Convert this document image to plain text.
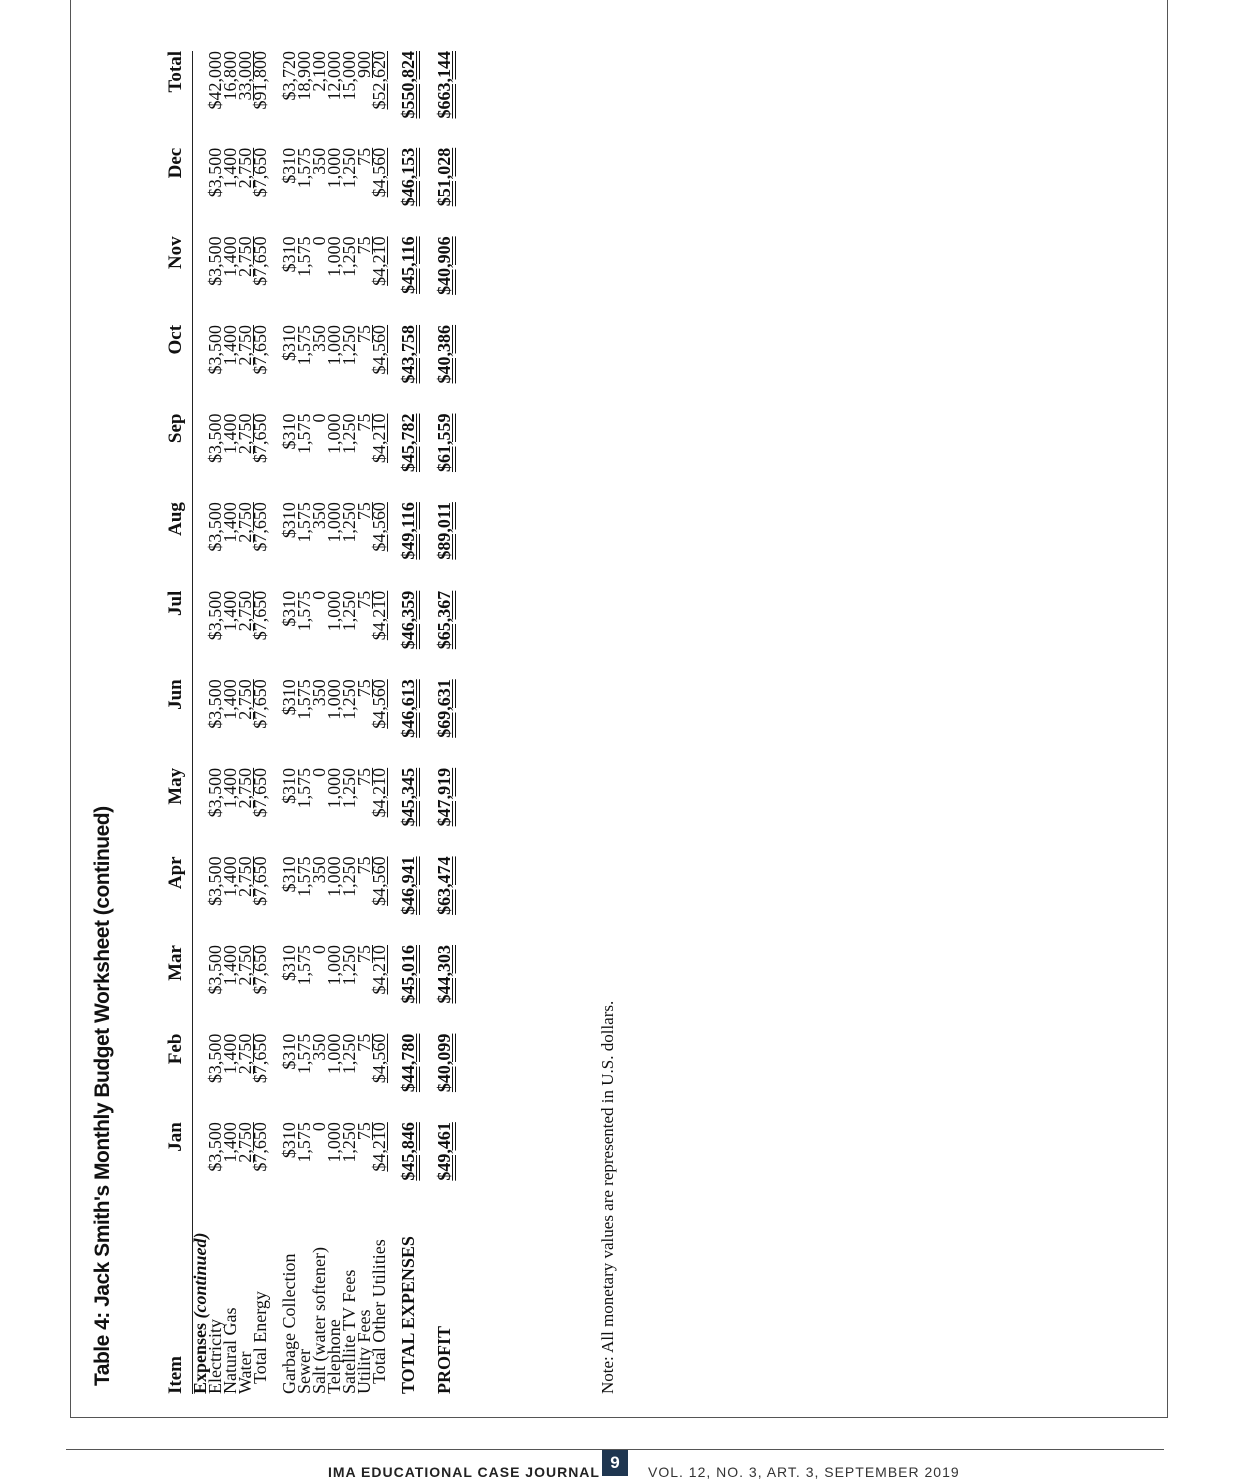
Table 4: Jack Smith's Monthly Budget Worksheet (continued)	Item	Jan	Feb	Mar	Apr	May	Jun	Jul	Aug	Sep	Oct	Nov	Dec	Total
Expenses (continued)													
Electricity	$3,500	$3,500	$3,500	$3,500	$3,500	$3,500	$3,500	$3,500	$3,500	$3,500	$3,500	$3,500	$42,000
Natural Gas	1,400	1,400	1,400	1,400	1,400	1,400	1,400	1,400	1,400	1,400	1,400	1,400	16,800
Water	2,750	2,750	2,750	2,750	2,750	2,750	2,750	2,750	2,750	2,750	2,750	2,750	33,000
Total Energy	$7,650	$7,650	$7,650	$7,650	$7,650	$7,650	$7,650	$7,650	$7,650	$7,650	$7,650	$7,650	$91,800

Garbage Collection	$310	$310	$310	$310	$310	$310	$310	$310	$310	$310	$310	$310	$3,720
Sewer	1,575	1,575	1,575	1,575	1,575	1,575	1,575	1,575	1,575	1,575	1,575	1,575	18,900
Salt (water softener)	0	350	0	350	0	350	0	350	0	350	0	350	2,100
Telephone	1,000	1,000	1,000	1,000	1,000	1,000	1,000	1,000	1,000	1,000	1,000	1,000	12,000
Satellite TV Fees	1,250	1,250	1,250	1,250	1,250	1,250	1,250	1,250	1,250	1,250	1,250	1,250	15,000
Utility Fees	75	75	75	75	75	75	75	75	75	75	75	75	900
Total Other Utilities	$4,210	$4,560	$4,210	$4,560	$4,210	$4,560	$4,210	$4,560	$4,210	$4,560	$4,210	$4,560	$52,620

TOTAL EXPENSES	$45,846	$44,780	$45,016	$46,941	$45,345	$46,613	$46,359	$49,116	$45,782	$43,758	$45,116	$46,153	$550,824

PROFIT	$49,461	$40,099	$44,303	$63,474	$47,919	$69,631	$65,367	$89,011	$61,559	$40,386	$40,906	$51,028	$663,144

Note: All monetary values are represented in U.S. dollars.

IMA EDUCATIONAL CASE JOURNAL 9	VOL. 12, NO. 3, ART. 3, SEPTEMBER 2019
